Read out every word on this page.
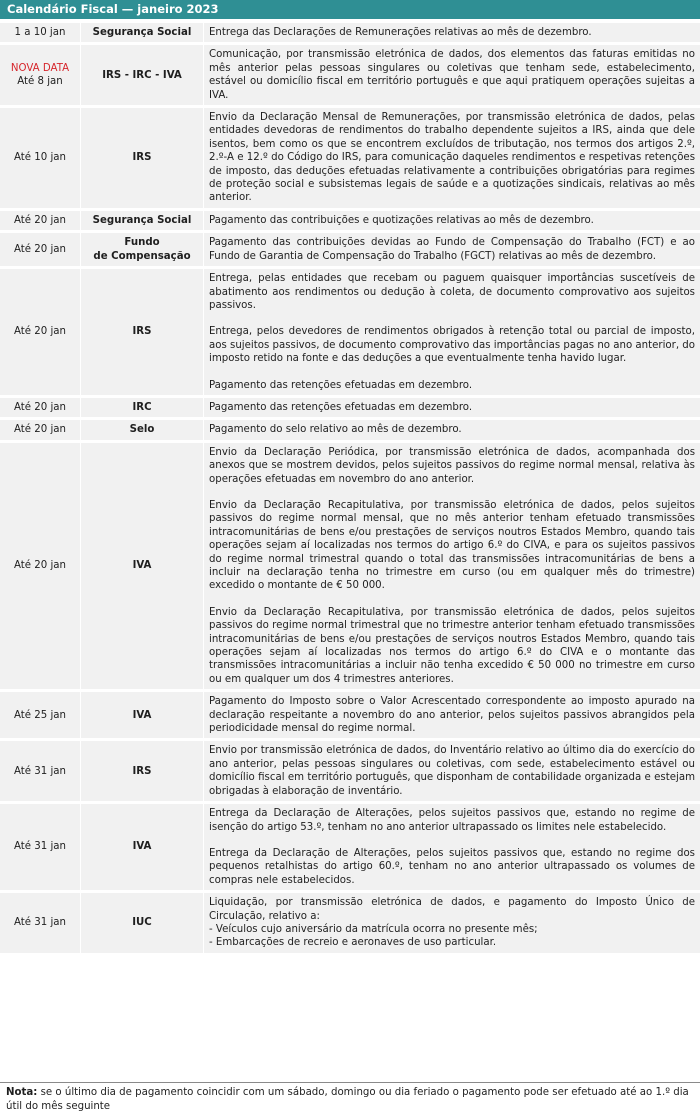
Calendário Fiscal — janeiro 2023
1 a 10 jan	Segurança Social	Entrega das Declarações de Remunerações relativas ao mês de dezembro.

NOVA DATA
Até 8 jan	IRS - IRC - IVA	Comunicação, por transmissão eletrónica de dados, dos elementos das faturas emitidas no mês anterior pelas pessoas singulares ou coletivas que tenham sede, estabelecimento, estável ou domicílio fiscal em território português e que aqui pratiquem operações sujeitas a IVA.

Até 10 jan	IRS	Envio da Declaração Mensal de Remunerações, por transmissão eletrónica de dados, pelas entidades devedoras de rendimentos do trabalho dependente sujeitos a IRS, ainda que dele isentos, bem como os que se encontrem excluídos de tributação, nos termos dos artigos 2.º, 2.º-A e 12.º do Código do IRS, para comunicação daqueles rendimentos e respetivas retenções de imposto, das deduções efetuadas relativamente a contribuições obrigatórias para regimes de proteção social e subsistemas legais de saúde e a quotizações sindicais, relativas ao mês anterior.

Até 20 jan	Segurança Social	Pagamento das contribuições e quotizações relativas ao mês de dezembro.

Até 20 jan	Fundo
de Compensação	Pagamento das contribuições devidas ao Fundo de Compensação do Trabalho (FCT) e ao Fundo de Garantia de Compensação do Trabalho (FGCT) relativas ao mês de dezembro.

Até 20 jan	IRS	Entrega, pelas entidades que recebam ou paguem quaisquer importâncias suscetíveis de abatimento aos rendimentos ou dedução à coleta, de documento comprovativo aos sujeitos passivos.

Entrega, pelos devedores de rendimentos obrigados à retenção total ou parcial de imposto, aos sujeitos passivos, de documento comprovativo das importâncias pagas no ano anterior, do imposto retido na fonte e das deduções a que eventualmente tenha havido lugar.

Pagamento das retenções efetuadas em dezembro.

Até 20 jan	IRC	Pagamento das retenções efetuadas em dezembro.

Até 20 jan	Selo	Pagamento do selo relativo ao mês de dezembro.

Até 20 jan	IVA	Envio da Declaração Periódica, por transmissão eletrónica de dados, acompanhada dos anexos que se mostrem devidos, pelos sujeitos passivos do regime normal mensal, relativa às operações efetuadas em novembro do ano anterior.

Envio da Declaração Recapitulativa, por transmissão eletrónica de dados, pelos sujeitos passivos do regime normal mensal, que no mês anterior tenham efetuado transmissões intracomunitárias de bens e/ou prestações de serviços noutros Estados Membro, quando tais operações sejam aí localizadas nos termos do artigo 6.º do CIVA, e para os sujeitos passivos do regime normal trimestral quando o total das transmissões intracomunitárias de bens a incluir na declaração tenha no trimestre em curso (ou em qualquer mês do trimestre) excedido o montante de € 50 000.

Envio da Declaração Recapitulativa, por transmissão eletrónica de dados, pelos sujeitos passivos do regime normal trimestral que no trimestre anterior tenham efetuado transmissões intracomunitárias de bens e/ou prestações de serviços noutros Estados Membro, quando tais operações sejam aí localizadas nos termos do artigo 6.º do CIVA e o montante das transmissões intracomunitárias a incluir não tenha excedido € 50 000 no trimestre em curso ou em qualquer um dos 4 trimestres anteriores.

Até 25 jan	IVA	Pagamento do Imposto sobre o Valor Acrescentado correspondente ao imposto apurado na declaração respeitante a novembro do ano anterior, pelos sujeitos passivos abrangidos pela periodicidade mensal do regime normal.

Até 31 jan	IRS	Envio por transmissão eletrónica de dados, do Inventário relativo ao último dia do exercício do ano anterior, pelas pessoas singulares ou coletivas, com sede, estabelecimento estável ou domicílio fiscal em território português, que disponham de contabilidade organizada e estejam obrigadas à elaboração de inventário.

Até 31 jan	IVA	Entrega da Declaração de Alterações, pelos sujeitos passivos que, estando no regime de isenção do artigo 53.º, tenham no ano anterior ultrapassado os limites nele estabelecido.

Entrega da Declaração de Alterações, pelos sujeitos passivos que, estando no regime dos pequenos retalhistas do artigo 60.º, tenham no ano anterior ultrapassado os volumes de compras nele estabelecidos.

Até 31 jan	IUC	Liquidação, por transmissão eletrónica de dados, e pagamento do Imposto Único de Circulação, relativo a:

- Veículos cujo aniversário da matrícula ocorra no presente mês;

- Embarcações de recreio e aeronaves de uso particular.

Nota: se o último dia de pagamento coincidir com um sábado, domingo ou dia feriado o pagamento pode ser efetuado até ao 1.º dia útil do mês seguinte
